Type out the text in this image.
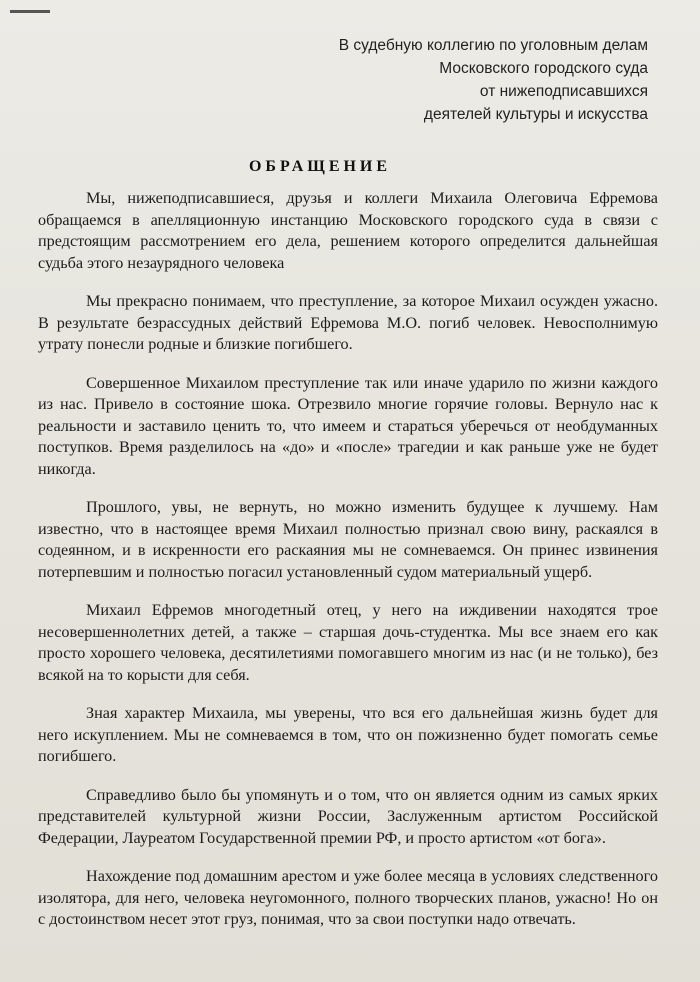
В судебную коллегию по уголовным делам
Московского городского суда
от нижеподписавшихся
деятелей культуры и искусства
ОБРАЩЕНИЕ

Мы, нижеподписавшиеся, друзья и коллеги Михаила Олеговича Ефремова обращаемся в апелляционную инстанцию Московского городского суда в связи с предстоящим рассмотрением его дела, решением которого определится дальнейшая судьба этого незаурядного человека

Мы прекрасно понимаем, что преступление, за которое Михаил осужден ужасно. В результате безрассудных действий Ефремова М.О. погиб человек. Невосполнимую утрату понесли родные и близкие погибшего.

Совершенное Михаилом преступление так или иначе ударило по жизни каждого из нас. Привело в состояние шока. Отрезвило многие горячие головы. Вернуло нас к реальности и заставило ценить то, что имеем и стараться уберечься от необдуманных поступков. Время разделилось на «до» и «после» трагедии и как раньше уже не будет никогда.

Прошлого, увы, не вернуть, но можно изменить будущее к лучшему. Нам известно, что в настоящее время Михаил полностью признал свою вину, раскаялся в содеянном, и в искренности его раскаяния мы не сомневаемся. Он принес извинения потерпевшим и полностью погасил установленный судом материальный ущерб.

Михаил Ефремов многодетный отец, у него на иждивении находятся трое несовершеннолетних детей, а также – старшая дочь-студентка. Мы все знаем его как просто хорошего человека, десятилетиями помогавшего многим из нас (и не только), без всякой на то корысти для себя.

Зная характер Михаила, мы уверены, что вся его дальнейшая жизнь будет для него искуплением. Мы не сомневаемся в том, что он пожизненно будет помогать семье погибшего.

Справедливо было бы упомянуть и о том, что он является одним из самых ярких представителей культурной жизни России, Заслуженным артистом Российской Федерации, Лауреатом Государственной премии РФ, и просто артистом «от бога».

Нахождение под домашним арестом и уже более месяца в условиях следственного изолятора, для него, человека неугомонного, полного творческих планов, ужасно! Но он с достоинством несет этот груз, понимая, что за свои поступки надо отвечать.
